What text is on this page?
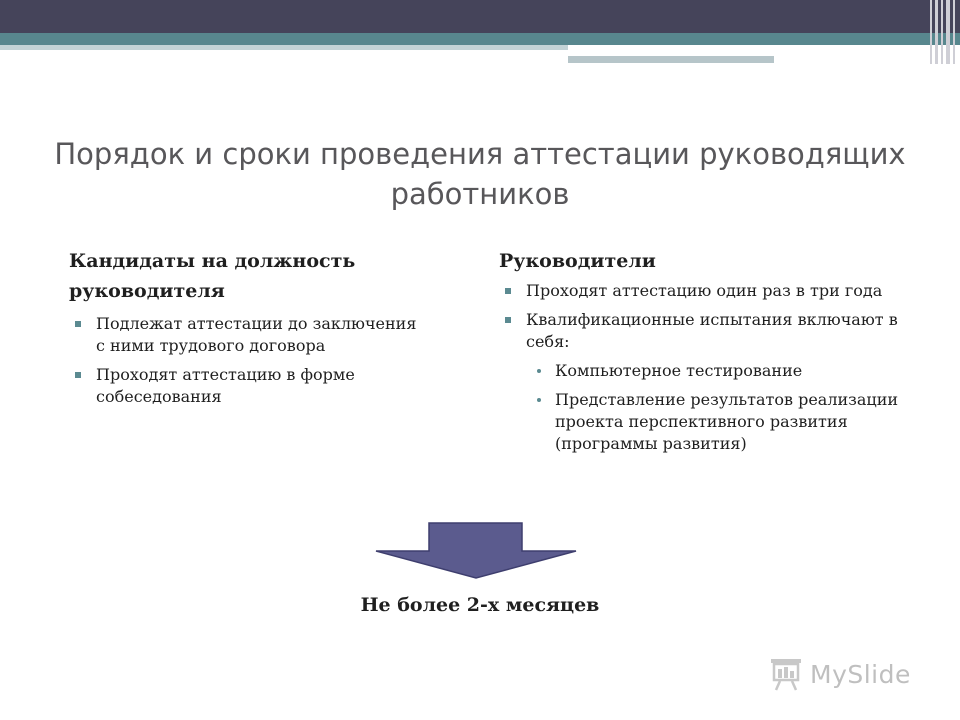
Порядок и сроки проведения аттестации руководящих работников
Кандидаты на должность
руководителя
Подлежат аттестации до заключения с ними трудового договора
Проходят аттестацию в форме собеседования
Руководители
Проходят аттестацию один раз в три года
Квалификационные испытания включают в себя:
Компьютерное тестирование
Представление результатов реализации проекта перспективного развития (программы развития)
Не более 2-х месяцев
MySlide
